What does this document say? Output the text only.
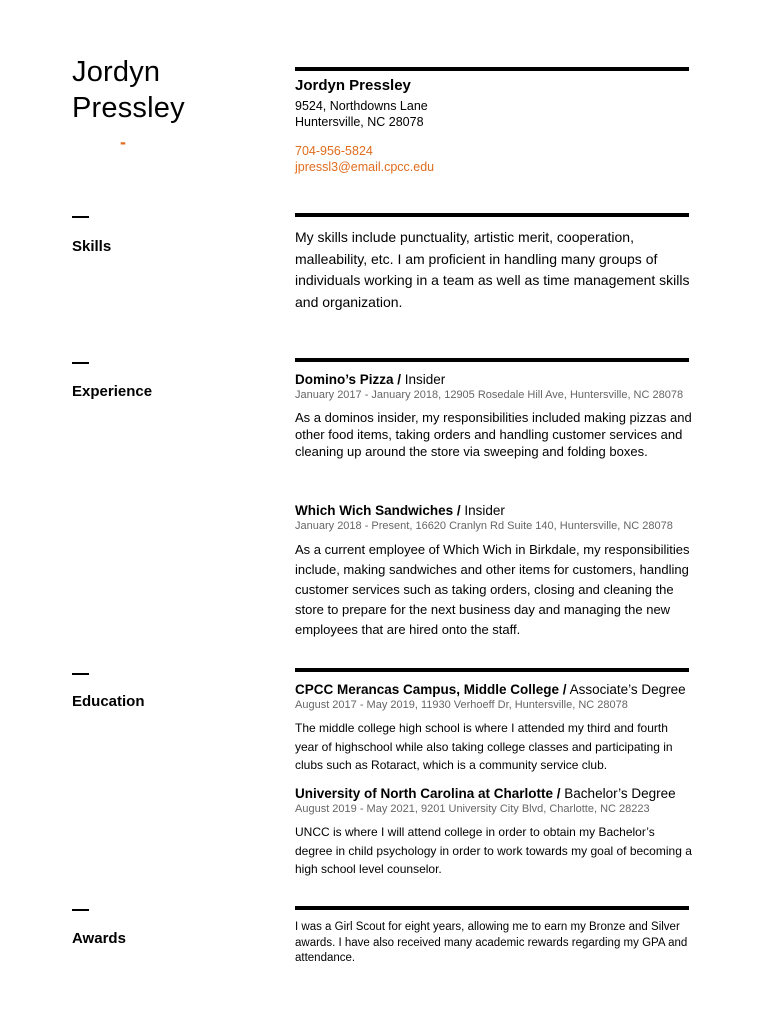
Jordyn
Pressley
-
Jordyn Pressley
9524, Northdowns Lane
Huntersville, NC 28078
704-956-5824
jpressl3@email.cpcc.edu
Skills
My skills include punctuality, artistic merit, cooperation, malleability, etc. I am proficient in handling many groups of individuals working in a team as well as time management skills and organization.
Experience
Domino’s Pizza / Insider
January 2017 - January 2018, 12905 Rosedale Hill Ave, Huntersville, NC 28078
As a dominos insider, my responsibilities included making pizzas and other food items, taking orders and handling customer services and cleaning up around the store via sweeping and folding boxes.
Which Wich Sandwiches / Insider
January 2018 - Present, 16620 Cranlyn Rd Suite 140, Huntersville, NC 28078
As a current employee of Which Wich in Birkdale, my responsibilities include, making sandwiches and other items for customers, handling customer services such as taking orders, closing and cleaning the store to prepare for the next business day and managing the new employees that are hired onto the staff.
Education
CPCC Merancas Campus, Middle College / Associate’s Degree
August 2017 - May 2019, 11930 Verhoeff Dr, Huntersville, NC 28078
The middle college high school is where I attended my third and fourth year of highschool while also taking college classes and participating in clubs such as Rotaract, which is a community service club.
University of North Carolina at Charlotte / Bachelor’s Degree
August 2019 - May 2021, 9201 University City Blvd, Charlotte, NC 28223
UNCC is where I will attend college in order to obtain my Bachelor’s degree in child psychology in order to work towards my goal of becoming a high school level counselor.
Awards
I was a Girl Scout for eight years, allowing me to earn my Bronze and Silver awards. I have also received many academic rewards regarding my GPA and attendance.
